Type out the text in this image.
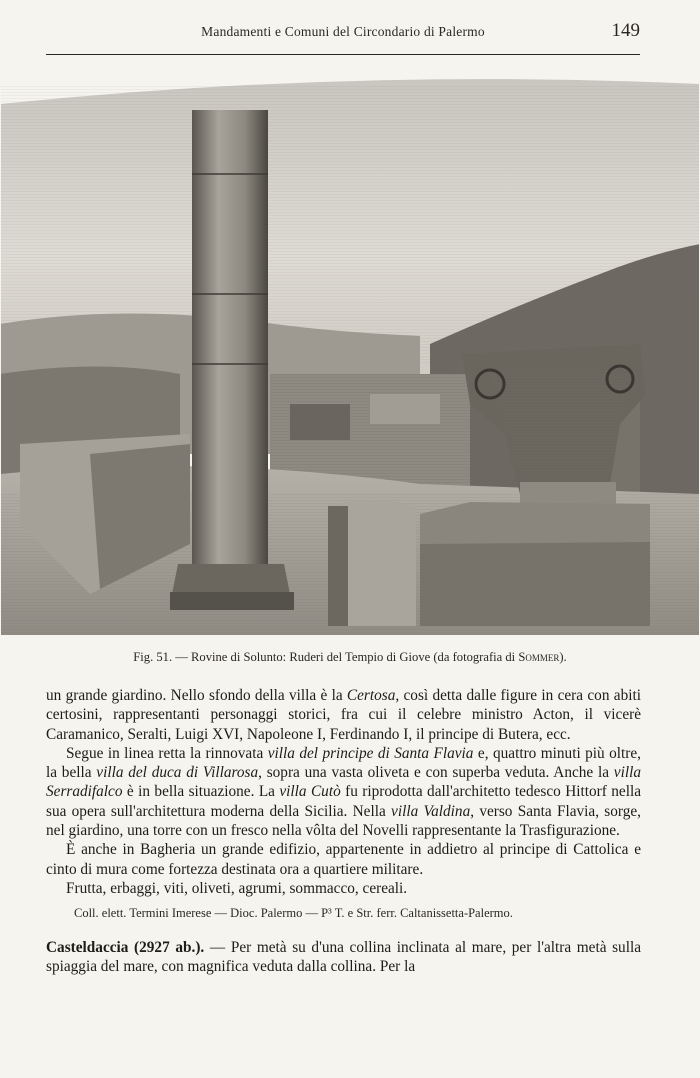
Mandamenti e Comuni del Circondario di Palermo	149
Fig. 51. — Rovine di Solunto: Ruderi del Tempio di Giove (da fotografia di Sommer).

un grande giardino. Nello sfondo della villa è la Certosa, così detta dalle figure in cera con abiti certosini, rappresentanti personaggi storici, fra cui il celebre ministro Acton, il vicerè Caramanico, Seralti, Luigi XVI, Napoleone I, Ferdinando I, il principe di Butera, ecc.

Segue in linea retta la rinnovata villa del principe di Santa Flavia e, quattro minuti più oltre, la bella villa del duca di Villarosa, sopra una vasta oliveta e con superba veduta. Anche la villa Serradifalco è in bella situazione. La villa Cutò fu riprodotta dall'architetto tedesco Hittorf nella sua opera sull'architettura moderna della Sicilia. Nella villa Valdina, verso Santa Flavia, sorge, nel giardino, una torre con un fresco nella vôlta del Novelli rappresentante la Trasfigurazione.

È anche in Bagheria un grande edifizio, appartenente in addietro al principe di Cattolica e cinto di mura come fortezza destinata ora a quartiere militare.

Frutta, erbaggi, viti, oliveti, agrumi, sommacco, cereali.

Coll. elett. Termini Imerese — Dioc. Palermo — P³ T. e Str. ferr. Caltanissetta-Palermo.

Casteldaccia (2927 ab.). — Per metà su d'una collina inclinata al mare, per l'altra metà sulla spiaggia del mare, con magnifica veduta dalla collina. Per la
